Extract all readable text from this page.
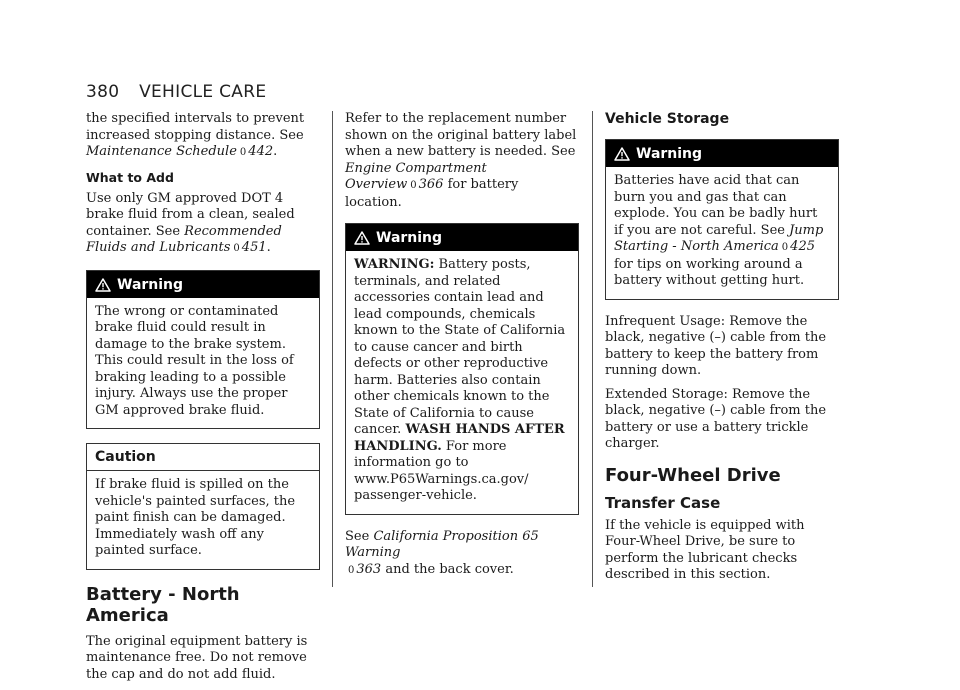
380 VEHICLE CARE

the specified intervals to prevent increased stopping distance. See Maintenance Schedule 0 442.

What to Add

Use only GM approved DOT 4 brake fluid from a clean, sealed container. See Recommended Fluids and Lubricants 0 451.

Warning

The wrong or contaminated brake fluid could result in damage to the brake system. This could result in the loss of braking leading to a possible injury. Always use the proper GM approved brake fluid.

Caution

If brake fluid is spilled on the vehicle's painted surfaces, the paint finish can be damaged. Immediately wash off any painted surface.

Battery - North America

The original equipment battery is maintenance free. Do not remove the cap and do not add fluid.

Refer to the replacement number shown on the original battery label when a new battery is needed. See Engine Compartment Overview 0 366 for battery location.

Warning

WARNING: Battery posts, terminals, and related accessories contain lead and lead compounds, chemicals known to the State of California to cause cancer and birth defects or other reproductive harm. Batteries also contain other chemicals known to the State of California to cause cancer. WASH HANDS AFTER HANDLING. For more information go to www.P65Warnings.ca.gov/ passenger-vehicle.

See California Proposition 65 Warning
0 363 and the back cover.

Vehicle Storage
Warning

Batteries have acid that can burn you and gas that can explode. You can be badly hurt if you are not careful. See Jump Starting - North America 0 425 for tips on working around a battery without getting hurt.

Infrequent Usage: Remove the black, negative (–) cable from the battery to keep the battery from running down.

Extended Storage: Remove the black, negative (–) cable from the battery or use a battery trickle charger.

Four-Wheel Drive
Transfer Case

If the vehicle is equipped with Four-Wheel Drive, be sure to perform the lubricant checks described in this section.
